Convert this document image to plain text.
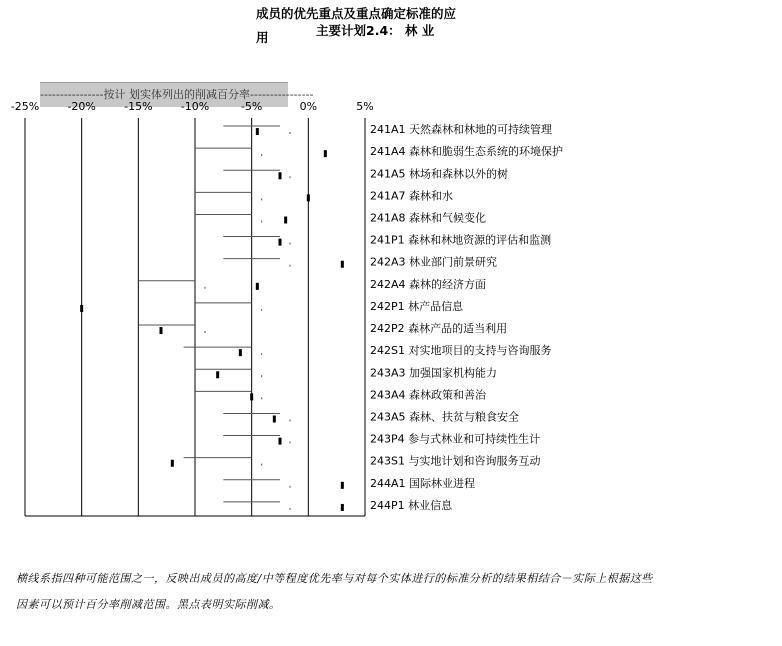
成员的优先重点及重点确定标准的应
用	主要计划2.4： 林 业
----------------按计 划实体列出的削减百分率----------------
-25%	-20%	-15%	-10%	-5%	0%	5%
241A1 天然森林和林地的可持续管理
241A4 森林和脆弱生态系统的环境保护
241A5 林场和森林以外的树
241A7 森林和水
241A8 森林和气候变化
241P1 森林和林地资源的评估和监测
242A3 林业部门前景研究
242A4 森林的经济方面
242P1 林产品信息
242P2 森林产品的适当利用
242S1 对实地项目的支持与咨询服务
243A3 加强国家机构能力
243A4 森林政策和善治
243A5 森林、扶贫与粮食安全
243P4 参与式林业和可持续性生计
243S1 与实地计划和咨询服务互动
244A1 国际林业进程
244P1 林业信息
横线系指四种可能范围之一，反映出成员的高度/中等程度优先率与对每个实体进行的标准分析的结果相结合－实际上根据这些
因素可以预计百分率削减范围。黑点表明实际削减。
